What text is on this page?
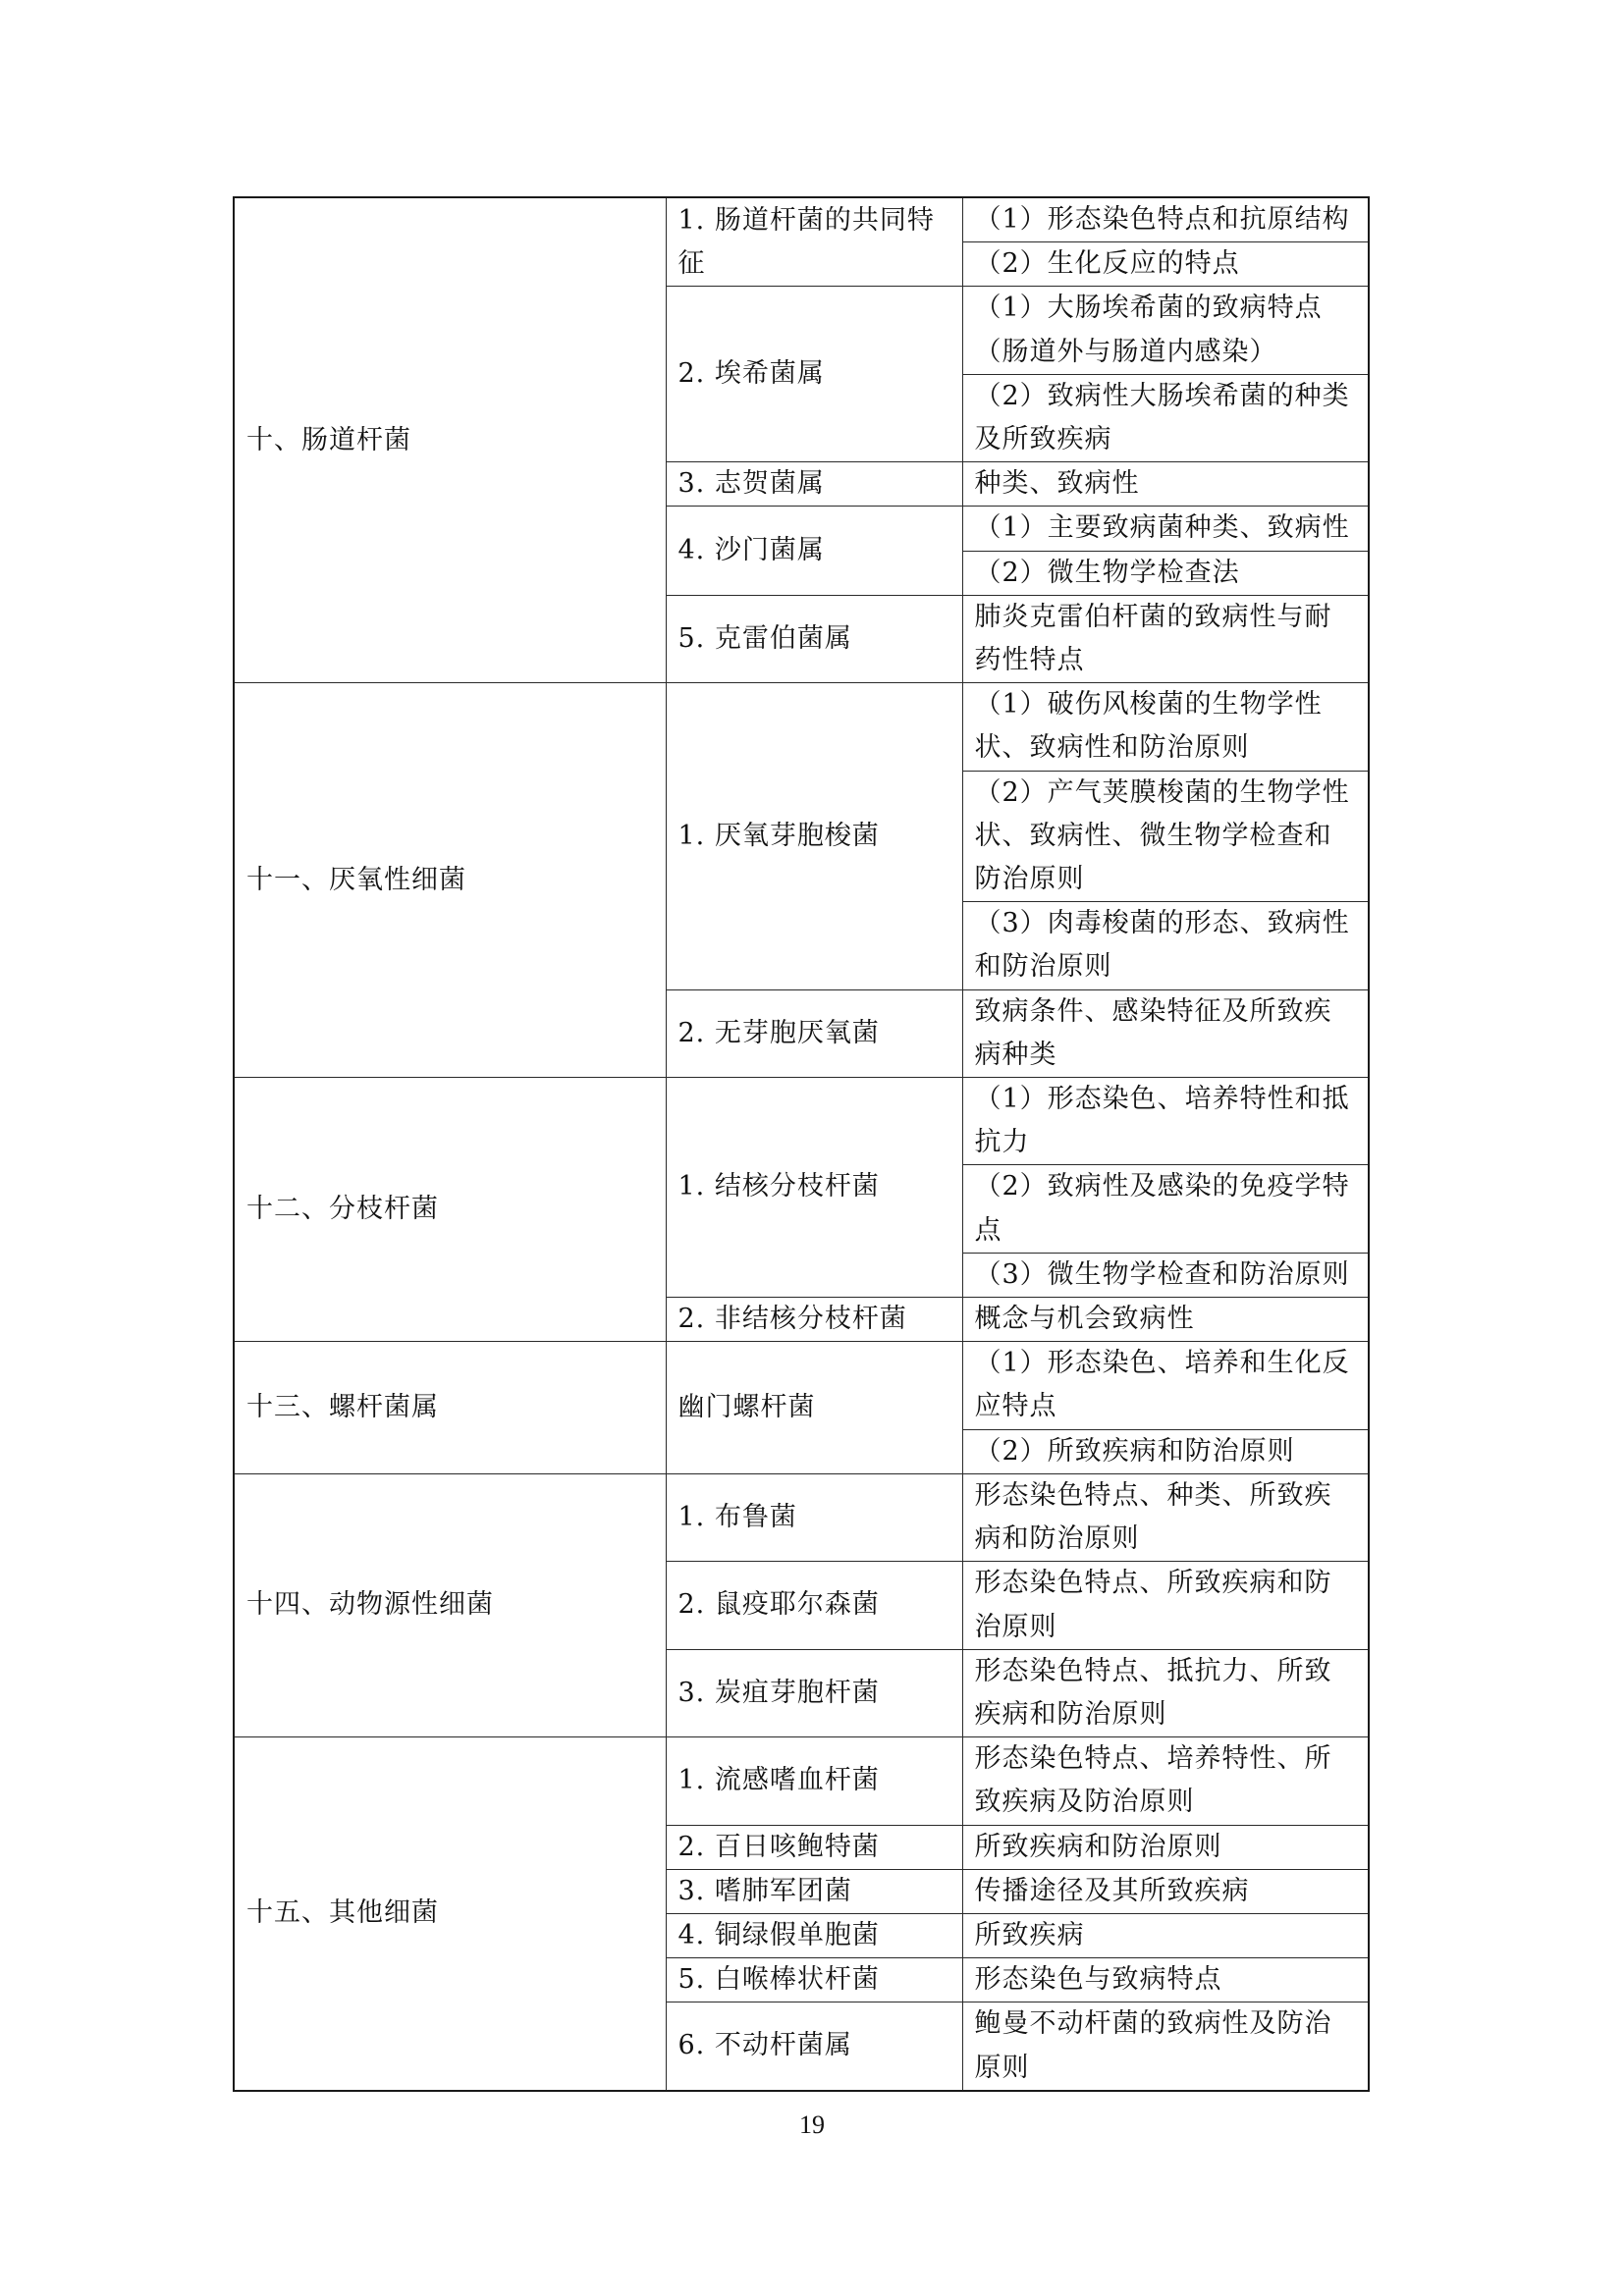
十、肠道杆菌	1. 肠道杆菌的共同特征	（1）形态染色特点和抗原结构
		（2）生化反应的特点
	2. 埃希菌属	（1）大肠埃希菌的致病特点（肠道外与肠道内感染）
		（2）致病性大肠埃希菌的种类及所致疾病
	3. 志贺菌属	种类、致病性
	4. 沙门菌属	（1）主要致病菌种类、致病性
		（2）微生物学检查法
	5. 克雷伯菌属	肺炎克雷伯杆菌的致病性与耐药性特点
十一、厌氧性细菌	1. 厌氧芽胞梭菌	（1）破伤风梭菌的生物学性状、致病性和防治原则
		（2）产气荚膜梭菌的生物学性状、致病性、微生物学检查和防治原则
		（3）肉毒梭菌的形态、致病性和防治原则
	2. 无芽胞厌氧菌	致病条件、感染特征及所致疾病种类
十二、分枝杆菌	1. 结核分枝杆菌	（1）形态染色、培养特性和抵抗力
		（2）致病性及感染的免疫学特点
		（3）微生物学检查和防治原则
	2. 非结核分枝杆菌	概念与机会致病性
十三、螺杆菌属	幽门螺杆菌	（1）形态染色、培养和生化反应特点
		（2）所致疾病和防治原则
十四、动物源性细菌	1. 布鲁菌	形态染色特点、种类、所致疾病和防治原则
	2. 鼠疫耶尔森菌	形态染色特点、所致疾病和防治原则
	3. 炭疽芽胞杆菌	形态染色特点、抵抗力、所致疾病和防治原则
十五、其他细菌	1. 流感嗜血杆菌	形态染色特点、培养特性、所致疾病及防治原则
	2. 百日咳鲍特菌	所致疾病和防治原则
	3. 嗜肺军团菌	传播途径及其所致疾病
	4. 铜绿假单胞菌	所致疾病
	5. 白喉棒状杆菌	形态染色与致病特点
	6. 不动杆菌属	鲍曼不动杆菌的致病性及防治原则
19
